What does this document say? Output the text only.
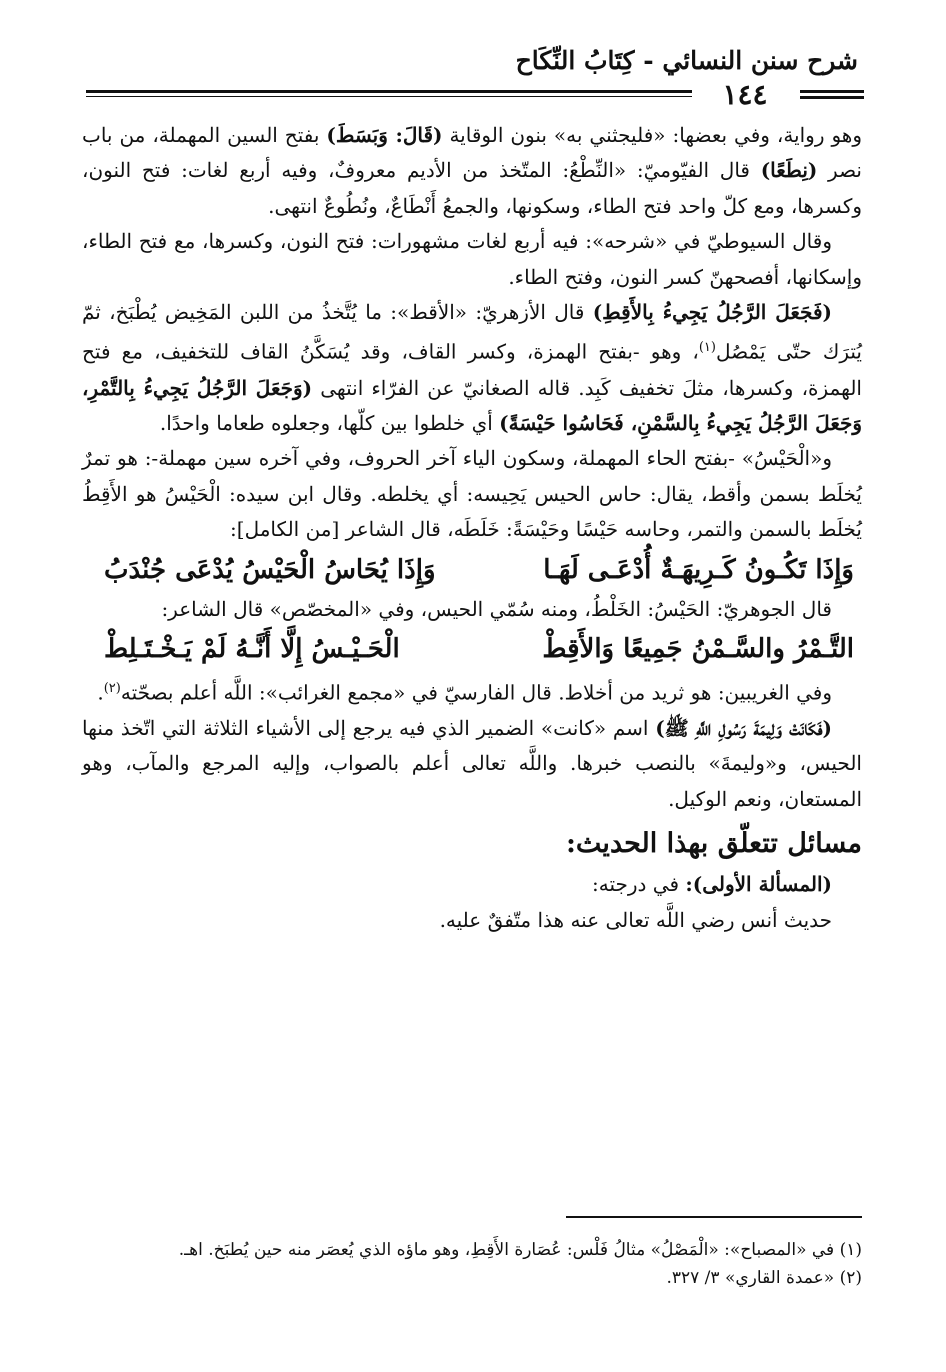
شرح سنن النسائي - كِتَابُ النِّكَاح
١٤٤

وهو رواية، وفي بعضها: «فليجثني به» بنون الوقاية (قَالَ: وَبَسَطَ) بفتح السين المهملة، من باب نصر (نِطَعًا) قال الفيّوميّ: «النِّطْعُ: المتّخذ من الأديم معروفٌ، وفيه أربع لغات: فتح النون، وكسرها، ومع كلّ واحد فتح الطاء، وسكونها، والجمعُ أَنْطَاعٌ، ونُطُوعٌ انتهى.

وقال السيوطيّ في «شرحه»: فيه أربع لغات مشهورات: فتح النون، وكسرها، مع فتح الطاء، وإسكانها، أفصحهنّ كسر النون، وفتح الطاء.

(فَجَعَلَ الرَّجُلُ يَجِيءُ بِالأَقِطِ) قال الأزهريّ: «الأقط»: ما يُتَّخذُ من اللبن المَخِيض يُطْبَخ، ثمّ يُترَك حتّى يَمْصُل$^{(١)}$، وهو -بفتح الهمزة، وكسر القاف، وقد يُسَكَّنُ القاف للتخفيف، مع فتح الهمزة، وكسرها، مثلَ تخفيف كَبِد. قاله الصغانيّ عن الفرّاء انتهى (وَجَعَلَ الرَّجُلُ يَجِيءُ بِالتَّمْرِ، وَجَعَلَ الرَّجُلُ يَجِيءُ بِالسَّمْنِ، فَحَاسُوا حَيْسَةً) أي خلطوا بين كلّها، وجعلوه طعاما واحدًا.

و«الْحَيْسُ» -بفتح الحاء المهملة، وسكون الياء آخر الحروف، وفي آخره سين مهملة-: هو تمرٌ يُخلَط بسمن وأقط، يقال: حاس الحيس يَحِيسه: أي يخلطه. وقال ابن سيده: الْحَيْسُ هو الأَقِطُ يُخلَط بالسمن والتمر، وحاسه حَيْسًا وحَيْسَةً: خَلَطَه، قال الشاعر [من الكامل]:

وَإِذَا تَكُـونُ كَـرِيهَـةٌ أُدْعَـى لَهَـا
وَإِذَا يُحَاسُ الْحَيْسُ يُدْعَى جُنْدَبُ

قال الجوهريّ: الحَيْسُ: الخَلْطُ، ومنه سُمّي الحيس، وفي «المخصّص» قال الشاعر:

التَّـمْرُ والسَّـمْنُ جَمِيعًا وَالأَقِطْ
الْحَـيْـسُ إِلَّا أَنَّـهُ لَمْ يَـخْـتَـلِطْ

وفي الغريبين: هو ثريد من أخلاط. قال الفارسيّ في «مجمع الغرائب»: اللَّه أعلم بصحّته$^{(٢)}$.

(فَكَانَتْ وَلِيمَةَ رَسُولِ اللَّهِ ﷺ) اسم «كانت» الضمير الذي فيه يرجع إلى الأشياء الثلاثة التي اتّخذ منها الحيس، و«وليمةَ» بالنصب خبرها. واللَّه تعالى أعلم بالصواب، وإليه المرجع والمآب، وهو المستعان، ونعم الوكيل.

مسائل تتعلّق بهذا الحديث:

(المسألة الأولى): في درجته:

حديث أنس رضي اللَّه تعالى عنه هذا متّفقٌ عليه.

(١) في «المصباح»: «الْمَصْلُ» مثالُ فَلْس: عُصَارة الأَقِطِ، وهو ماؤه الذي يُعصَر منه حين يُطبَخ. اهـ.

(٢) «عمدة القاري» ٣/ ٣٢٧.
